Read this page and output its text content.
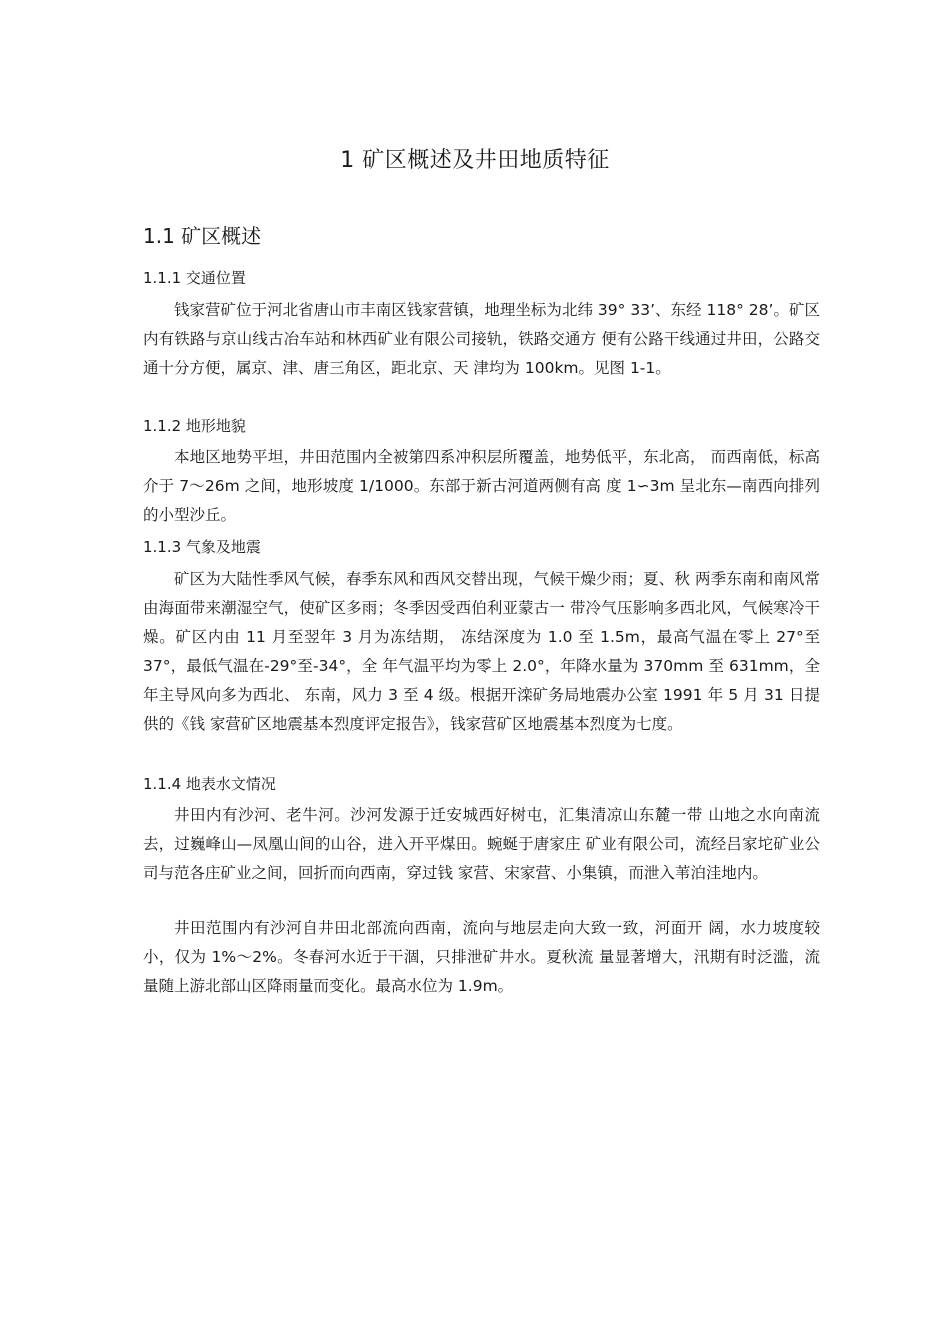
1 矿区概述及井田地质特征
1.1 矿区概述
1.1.1 交通位置

钱家营矿位于河北省唐山市丰南区钱家营镇，地理坐标为北纬 39° 33’、东经 118° 28’。矿区内有铁路与京山线古冶车站和林西矿业有限公司接轨，铁路交通方 便有公路干线通过井田，公路交通十分方便，属京、津、唐三角区，距北京、天 津均为 100km。见图 1-1。

1.1.2 地形地貌

本地区地势平坦，井田范围内全被第四系冲积层所覆盖，地势低平，东北高， 而西南低，标高介于 7～26m 之间，地形坡度 1/1000。东部于新古河道两侧有高 度 1∽3m 呈北东—南西向排列的小型沙丘。

1.1.3 气象及地震

矿区为大陆性季风气候，春季东风和西风交替出现，气候干燥少雨；夏、秋 两季东南和南风常由海面带来潮湿空气，使矿区多雨；冬季因受西伯利亚蒙古一 带冷气压影响多西北风，气候寒冷干燥。矿区内由 11 月至翌年 3 月为冻结期， 冻结深度为 1.0 至 1.5m，最高气温在零上 27°至 37°，最低气温在-29°至-34°，全 年气温平均为零上 2.0°，年降水量为 370mm 至 631mm，全年主导风向多为西北、 东南，风力 3 至 4 级。根据开滦矿务局地震办公室 1991 年 5 月 31 日提供的《钱 家营矿区地震基本烈度评定报告》，钱家营矿区地震基本烈度为七度。

1.1.4 地表水文情况

井田内有沙河、老牛河。沙河发源于迁安城西好树屯，汇集清凉山东麓一带 山地之水向南流去，过巍峰山—凤凰山间的山谷，进入开平煤田。蜿蜒于唐家庄 矿业有限公司，流经吕家坨矿业公司与范各庄矿业之间，回折而向西南，穿过钱 家营、宋家营、小集镇，而泄入苇泊洼地内。

井田范围内有沙河自井田北部流向西南，流向与地层走向大致一致，河面开 阔，水力坡度较小，仅为 1%～2%。冬春河水近于干涸，只排泄矿井水。夏秋流 量显著增大，汛期有时泛滥，流量随上游北部山区降雨量而变化。最高水位为 1.9m。
